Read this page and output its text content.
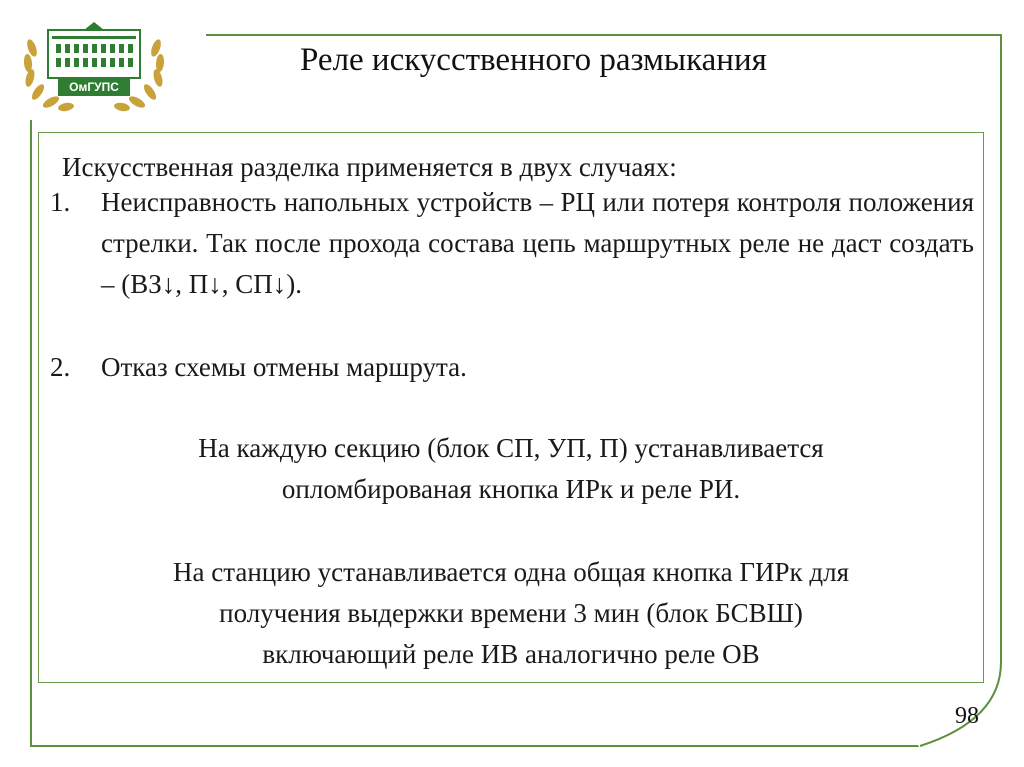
ОмГУПС
Реле искусственного размыкания
Искусственная разделка применяется в двух случаях:
1. Неисправность напольных устройств – РЦ или потеря контроля положения стрелки. Так после прохода состава цепь маршрутных реле не даст создать – (ВЗ↓, П↓, СП↓).
2. Отказ схемы отмены маршрута.
На каждую секцию (блок СП, УП, П) устанавливается
опломбированая кнопка ИРк и реле РИ.
На станцию устанавливается одна общая кнопка ГИРк для
получения выдержки времени 3 мин (блок БСВШ)
включающий реле ИВ аналогично реле ОВ
98
